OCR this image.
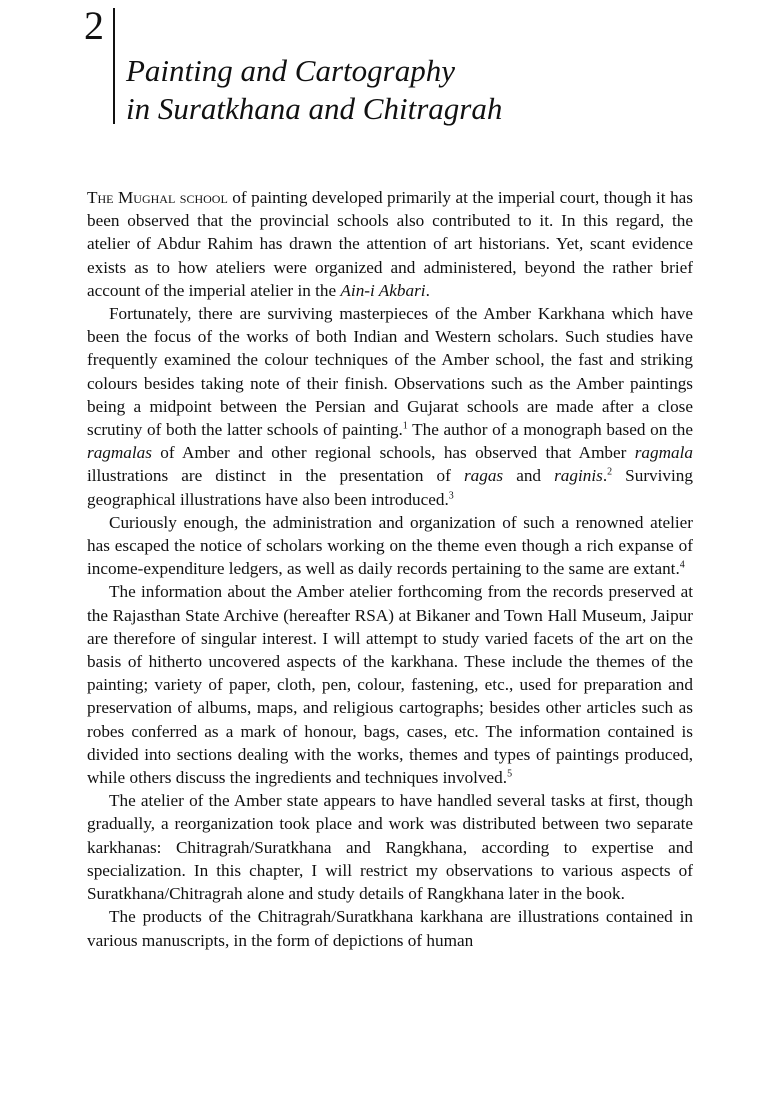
2
Painting and Cartography
in Suratkhana and Chitragrah

The Mughal school of painting developed primarily at the imperial court, though it has been observed that the provincial schools also contributed to it. In this regard, the atelier of Abdur Rahim has drawn the attention of art historians. Yet, scant evidence exists as to how ateliers were organized and administered, beyond the rather brief account of the imperial atelier in the Ain-i Akbari.

Fortunately, there are surviving masterpieces of the Amber Karkhana which have been the focus of the works of both Indian and Western scholars. Such studies have frequently examined the colour techniques of the Amber school, the fast and striking colours besides taking note of their finish. Observations such as the Amber paintings being a midpoint between the Persian and Gujarat schools are made after a close scrutiny of both the latter schools of painting.$^1$ The author of a monograph based on the ragmalas of Amber and other regional schools, has observed that Amber ragmala illustrations are distinct in the presentation of ragas and raginis.$^2$ Surviving geographical illustrations have also been introduced.$^3$

Curiously enough, the administration and organization of such a renowned atelier has escaped the notice of scholars working on the theme even though a rich expanse of income-expenditure ledgers, as well as daily records pertaining to the same are extant.$^4$

The information about the Amber atelier forthcoming from the records preserved at the Rajasthan State Archive (hereafter RSA) at Bikaner and Town Hall Museum, Jaipur are therefore of singular interest. I will attempt to study varied facets of the art on the basis of hitherto uncovered aspects of the karkhana. These include the themes of the painting; variety of paper, cloth, pen, colour, fastening, etc., used for preparation and preservation of albums, maps, and religious cartographs; besides other articles such as robes conferred as a mark of honour, bags, cases, etc. The information contained is divided into sections dealing with the works, themes and types of paintings produced, while others discuss the ingredients and techniques involved.$^5$

The atelier of the Amber state appears to have handled several tasks at first, though gradually, a reorganization took place and work was distributed between two separate karkhanas: Chitragrah/Suratkhana and Rangkhana, according to expertise and specialization. In this chapter, I will restrict my observations to various aspects of Suratkhana/Chitragrah alone and study details of Rangkhana later in the book.

The products of the Chitragrah/Suratkhana karkhana are illustrations contained in various manuscripts, in the form of depictions of human
